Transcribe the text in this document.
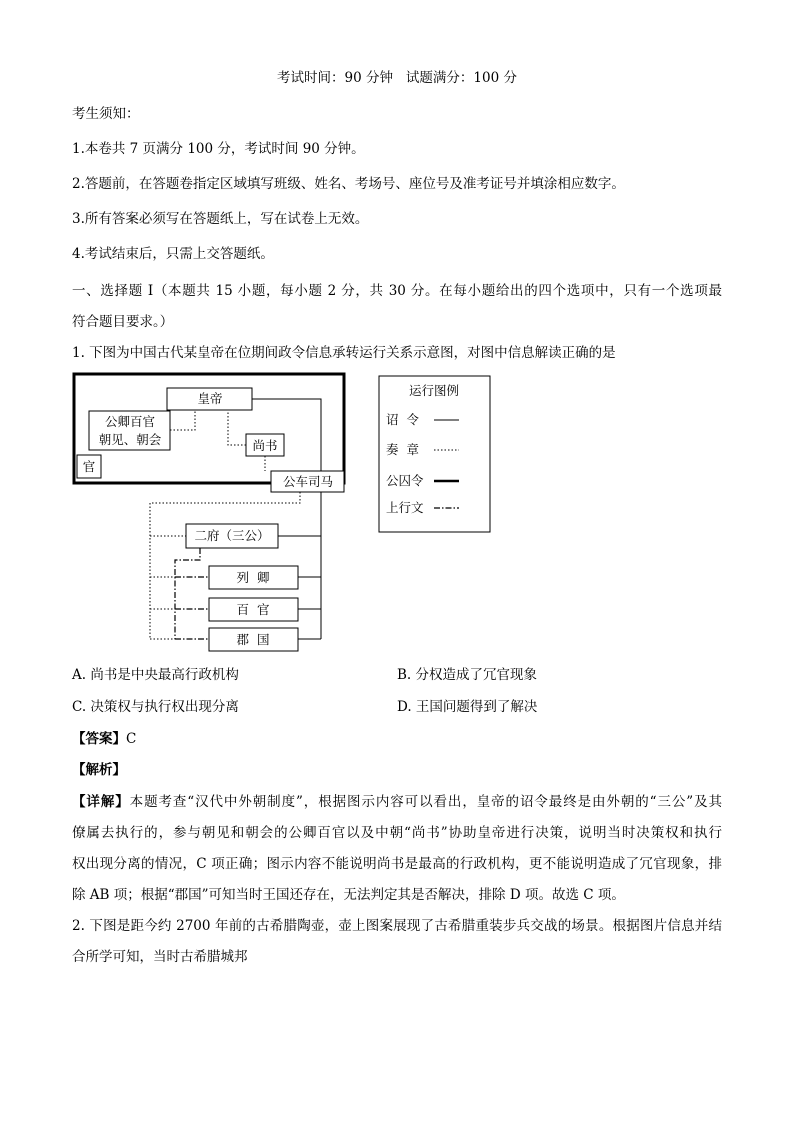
考试时间：90 分钟   试题满分：100 分
考生须知：
1.本卷共 7 页满分 100 分，考试时间 90 分钟。
2.答题前，在答题卷指定区域填写班级、姓名、考场号、座位号及准考证号并填涂相应数字。
3.所有答案必须写在答题纸上，写在试卷上无效。
4.考试结束后，只需上交答题纸。
一、选择题 I（本题共 15 小题，每小题 2 分，共 30 分。在每小题给出的四个选项中，只有一个选项最
符合题目要求。）
1. 下图为中国古代某皇帝在位期间政令信息承转运行关系示意图，对图中信息解读正确的是
皇帝
公卿百官
朝见、朝会
官
尚书
公车司马
二府（三公）
列  卿
百  官
郡  国
运行图例
诏  令
奏  章
公囚令
上行文
A. 尚书是中央最高行政机构	B. 分权造成了冗官现象
C. 决策权与执行权出现分离	D. 王国问题得到了解决
【答案】C
【解析】
【详解】本题考查“汉代中外朝制度”，根据图示内容可以看出，皇帝的诏令最终是由外朝的“三公”及其
僚属去执行的，参与朝见和朝会的公卿百官以及中朝“尚书”协助皇帝进行决策，说明当时决策权和执行
权出现分离的情况，C 项正确；图示内容不能说明尚书是最高的行政机构，更不能说明造成了冗官现象，排
除 AB 项；根据“郡国”可知当时王国还存在，无法判定其是否解决，排除 D 项。故选 C 项。
2. 下图是距今约 2700 年前的古希腊陶壶，壶上图案展现了古希腊重装步兵交战的场景。根据图片信息并结
合所学可知，当时古希腊城邦
